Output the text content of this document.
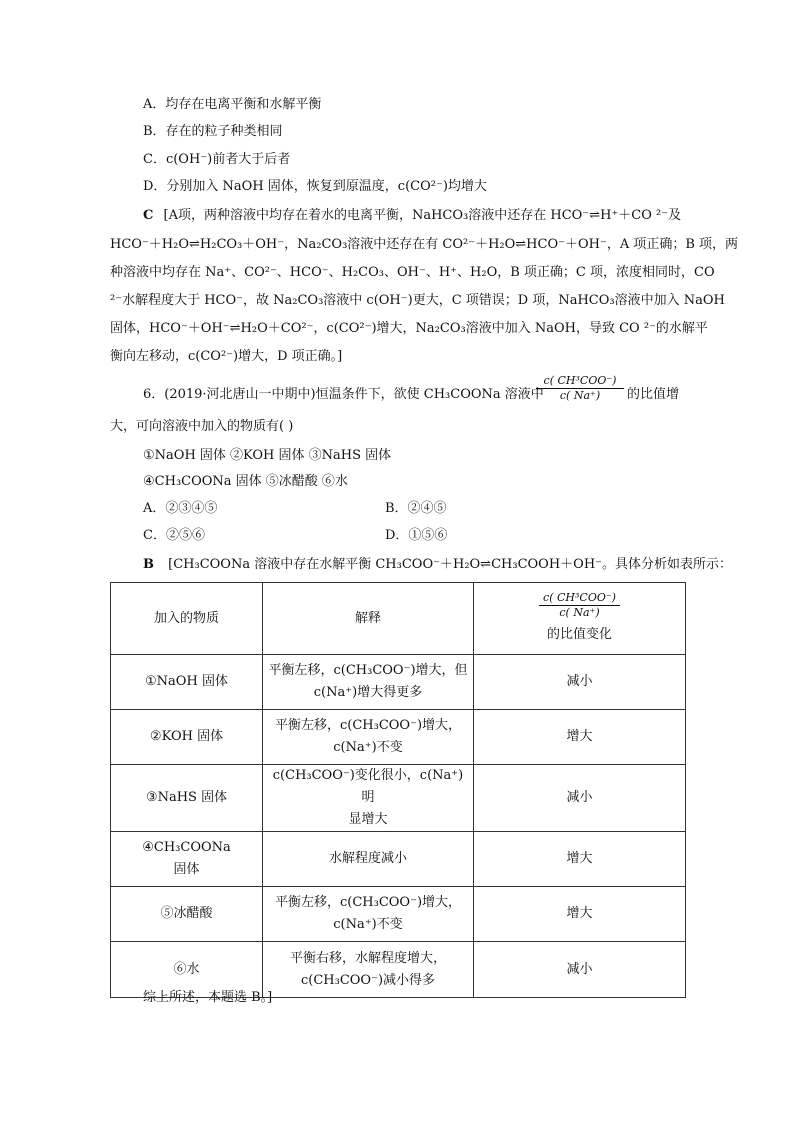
A．均存在电离平衡和水解平衡
B．存在的粒子种类相同
C．c(OH⁻)前者大于后者
D．分别加入 NaOH 固体，恢复到原温度，c(CO²⁻)均增大
C [A项，两种溶液中均存在着水的电离平衡，NaHCO₃溶液中还存在 HCO⁻⇌H⁺＋CO ²⁻及
HCO⁻＋H₂O⇌H₂CO₃＋OH⁻，Na₂CO₃溶液中还存在有 CO²⁻＋H₂O⇌HCO⁻＋OH⁻，A 项正确；B 项，两
种溶液中均存在 Na⁺、CO²⁻、HCO⁻、H₂CO₃、OH⁻、H⁺、H₂O，B 项正确；C 项，浓度相同时，CO
²⁻水解程度大于 HCO⁻，故 Na₂CO₃溶液中 c(OH⁻)更大，C 项错误；D 项，NaHCO₃溶液中加入 NaOH
固体，HCO⁻＋OH⁻⇌H₂O＋CO²⁻，c(CO²⁻)增大，Na₂CO₃溶液中加入 NaOH，导致 CO ²⁻的水解平
衡向左移动，c(CO²⁻)增大，D 项正确。]
6．(2019·河北唐山一中期中)恒温条件下，欲使 CH₃COONa 溶液中
c( CH³COO⁻)
c( Na⁺)	的比值增
大，可向溶液中加入的物质有( )
①NaOH 固体 ②KOH 固体 ③NaHS 固体
④CH₃COONa 固体 ⑤冰醋酸 ⑥水
A．②③④⑤	B．②④⑤
C．②⑤⑥	D．①⑤⑥
B [CH₃COONa 溶液中存在水解平衡 CH₃COO⁻＋H₂O⇌CH₃COOH＋OH⁻。具体分析如表所示：
加入的物质	解释	$\frac{\text{c( CH³COO⁻)}}{c( Na^+)}$
的比值变化

①NaOH 固体	平衡左移，c(CH₃COO⁻)增大，但
c(Na⁺)增大得更多	减小
②KOH 固体	平衡左移，c(CH₃COO⁻)增大，
c(Na⁺)不变	增大
③NaHS 固体	c(CH₃COO⁻)变化很小，c(Na⁺)明
显增大	减小

④CH₃COONa
固体	水解程度减小	增大
⑤冰醋酸	平衡左移，c(CH₃COO⁻)增大，
c(Na⁺)不变	增大
⑥水	平衡右移，水解程度增大，
c(CH₃COO⁻)减小得多	减小
综上所述，本题选 B。]
